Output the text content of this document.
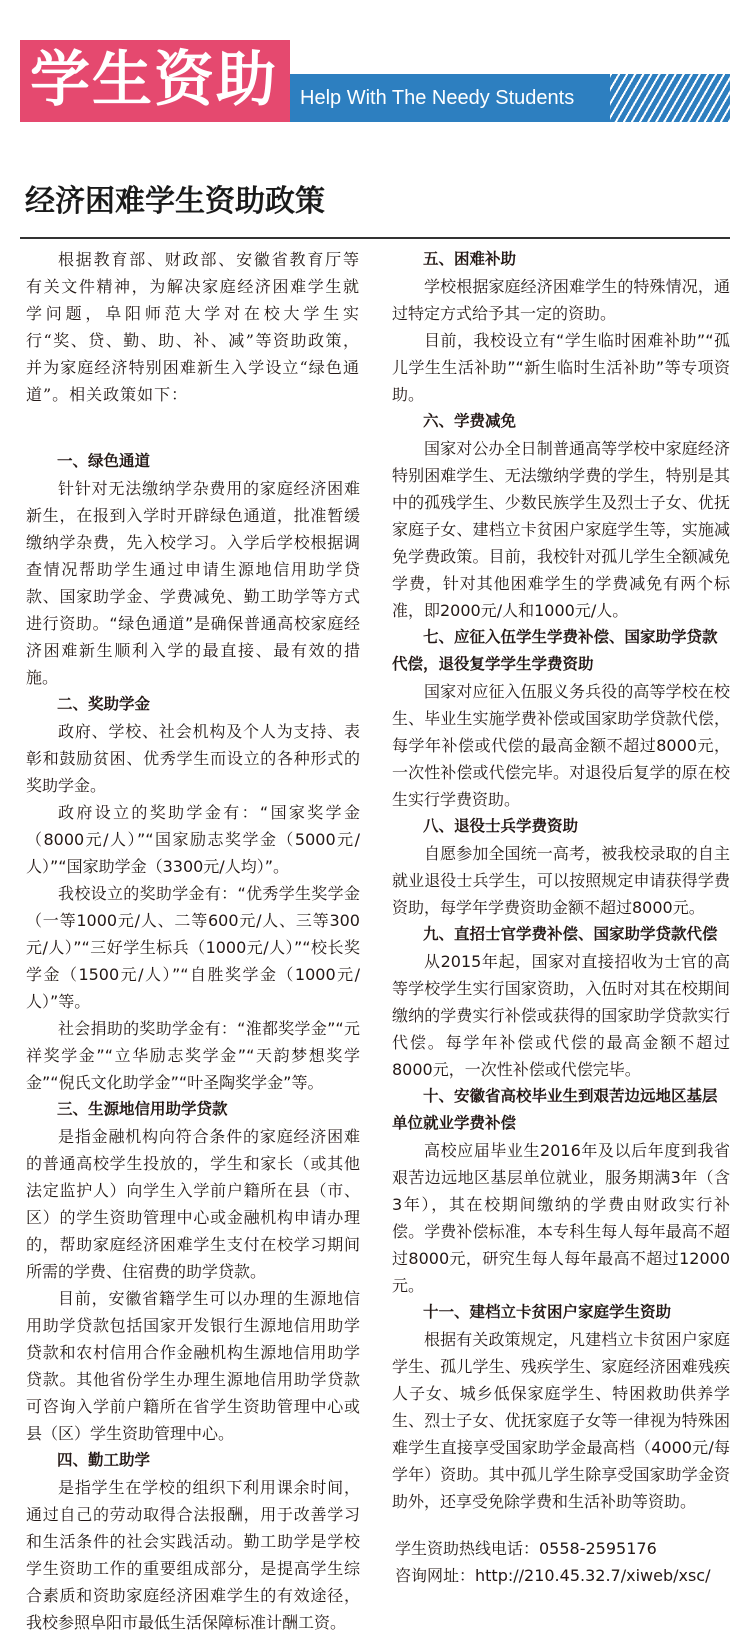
学生资助 Help With The Needy Students
经济困难学生资助政策

根据教育部、财政部、安徽省教育厅等有关文件精神，为解决家庭经济困难学生就学问题，阜阳师范大学对在校大学生实行“奖、贷、勤、助、补、减”等资助政策，并为家庭经济特别困难新生入学设立“绿色通道”。相关政策如下：

一、绿色通道

针针对无法缴纳学杂费用的家庭经济困难新生，在报到入学时开辟绿色通道，批准暂缓缴纳学杂费，先入校学习。入学后学校根据调查情况帮助学生通过申请生源地信用助学贷款、国家助学金、学费减免、勤工助学等方式进行资助。“绿色通道”是确保普通高校家庭经济困难新生顺利入学的最直接、最有效的措施。

二、奖助学金

政府、学校、社会机构及个人为支持、表彰和鼓励贫困、优秀学生而设立的各种形式的奖助学金。

政府设立的奖助学金有：“国家奖学金（8000元/人）”“国家励志奖学金（5000元/人）”“国家助学金（3300元/人均）”。

我校设立的奖助学金有：“优秀学生奖学金（一等1000元/人、二等600元/人、三等300元/人）”“三好学生标兵（1000元/人）”“校长奖学金（1500元/人）”“自胜奖学金（1000元/人）”等。

社会捐助的奖助学金有：“淮都奖学金”“元祥奖学金”“立华励志奖学金”“天韵梦想奖学金”“倪氏文化助学金”“叶圣陶奖学金”等。

三、生源地信用助学贷款

是指金融机构向符合条件的家庭经济困难的普通高校学生投放的，学生和家长（或其他法定监护人）向学生入学前户籍所在县（市、区）的学生资助管理中心或金融机构申请办理的，帮助家庭经济困难学生支付在校学习期间所需的学费、住宿费的助学贷款。

目前，安徽省籍学生可以办理的生源地信用助学贷款包括国家开发银行生源地信用助学贷款和农村信用合作金融机构生源地信用助学贷款。其他省份学生办理生源地信用助学贷款可咨询入学前户籍所在省学生资助管理中心或县（区）学生资助管理中心。

四、勤工助学

是指学生在学校的组织下利用课余时间，通过自己的劳动取得合法报酬，用于改善学习和生活条件的社会实践活动。勤工助学是学校学生资助工作的重要组成部分，是提高学生综合素质和资助家庭经济困难学生的有效途径，我校参照阜阳市最低生活保障标准计酬工资。

五、困难补助

学校根据家庭经济困难学生的特殊情况，通过特定方式给予其一定的资助。

目前，我校设立有“学生临时困难补助”“孤儿学生生活补助”“新生临时生活补助”等专项资助。

六、学费减免

国家对公办全日制普通高等学校中家庭经济特别困难学生、无法缴纳学费的学生，特别是其中的孤残学生、少数民族学生及烈士子女、优抚家庭子女、建档立卡贫困户家庭学生等，实施减免学费政策。目前，我校针对孤儿学生全额减免学费，针对其他困难学生的学费减免有两个标准，即2000元/人和1000元/人。

七、应征入伍学生学费补偿、国家助学贷款代偿，退役复学学生学费资助

国家对应征入伍服义务兵役的高等学校在校生、毕业生实施学费补偿或国家助学贷款代偿，每学年补偿或代偿的最高金额不超过8000元，一次性补偿或代偿完毕。对退役后复学的原在校生实行学费资助。

八、退役士兵学费资助

自愿参加全国统一高考，被我校录取的自主就业退役士兵学生，可以按照规定申请获得学费资助，每学年学费资助金额不超过8000元。

九、直招士官学费补偿、国家助学贷款代偿

从2015年起，国家对直接招收为士官的高等学校学生实行国家资助，入伍时对其在校期间缴纳的学费实行补偿或获得的国家助学贷款实行代偿。每学年补偿或代偿的最高金额不超过8000元，一次性补偿或代偿完毕。

十、安徽省高校毕业生到艰苦边远地区基层单位就业学费补偿

高校应届毕业生2016年及以后年度到我省艰苦边远地区基层单位就业，服务期满3年（含3年），其在校期间缴纳的学费由财政实行补偿。学费补偿标准，本专科生每人每年最高不超过8000元，研究生每人每年最高不超过12000元。

十一、建档立卡贫困户家庭学生资助

根据有关政策规定，凡建档立卡贫困户家庭学生、孤儿学生、残疾学生、家庭经济困难残疾人子女、城乡低保家庭学生、特困救助供养学生、烈士子女、优抚家庭子女等一律视为特殊困难学生直接享受国家助学金最高档（4000元/每学年）资助。其中孤儿学生除享受国家助学金资助外，还享受免除学费和生活补助等资助。

学生资助热线电话：0558-2595176

咨询网址：http://210.45.32.7/xiweb/xsc/
